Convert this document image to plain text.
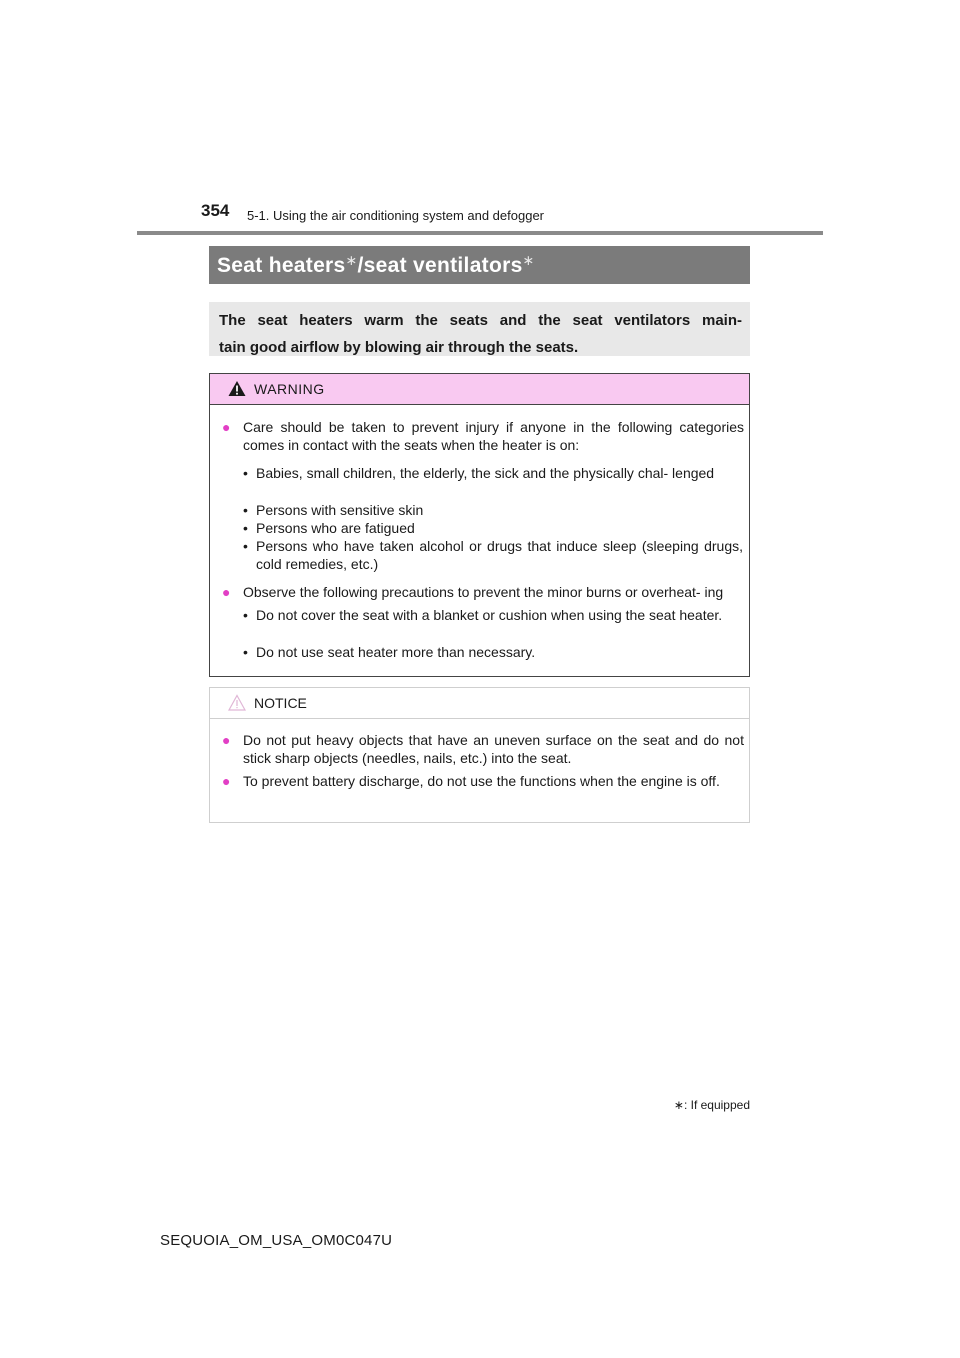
354 5-1. Using the air conditioning system and defogger
Seat heaters∗/seat ventilators∗
The seat heaters warm the seats and the seat ventilators main-
tain good airflow by blowing air through the seats.
WARNING
● Care should be taken to prevent injury if anyone in the following categories comes in contact with the seats when the heater is on:
• Babies, small children, the elderly, the sick and the physically chal- lenged
• Persons with sensitive skin
• Persons who are fatigued
• Persons who have taken alcohol or drugs that induce sleep (sleeping drugs, cold remedies, etc.)
● Observe the following precautions to prevent the minor burns or overheat- ing
• Do not cover the seat with a blanket or cushion when using the seat heater.
• Do not use seat heater more than necessary.
NOTICE
● Do not put heavy objects that have an uneven surface on the seat and do not stick sharp objects (needles, nails, etc.) into the seat.
● To prevent battery discharge, do not use the functions when the engine is off.
∗: If equipped
SEQUOIA_OM_USA_OM0C047U
